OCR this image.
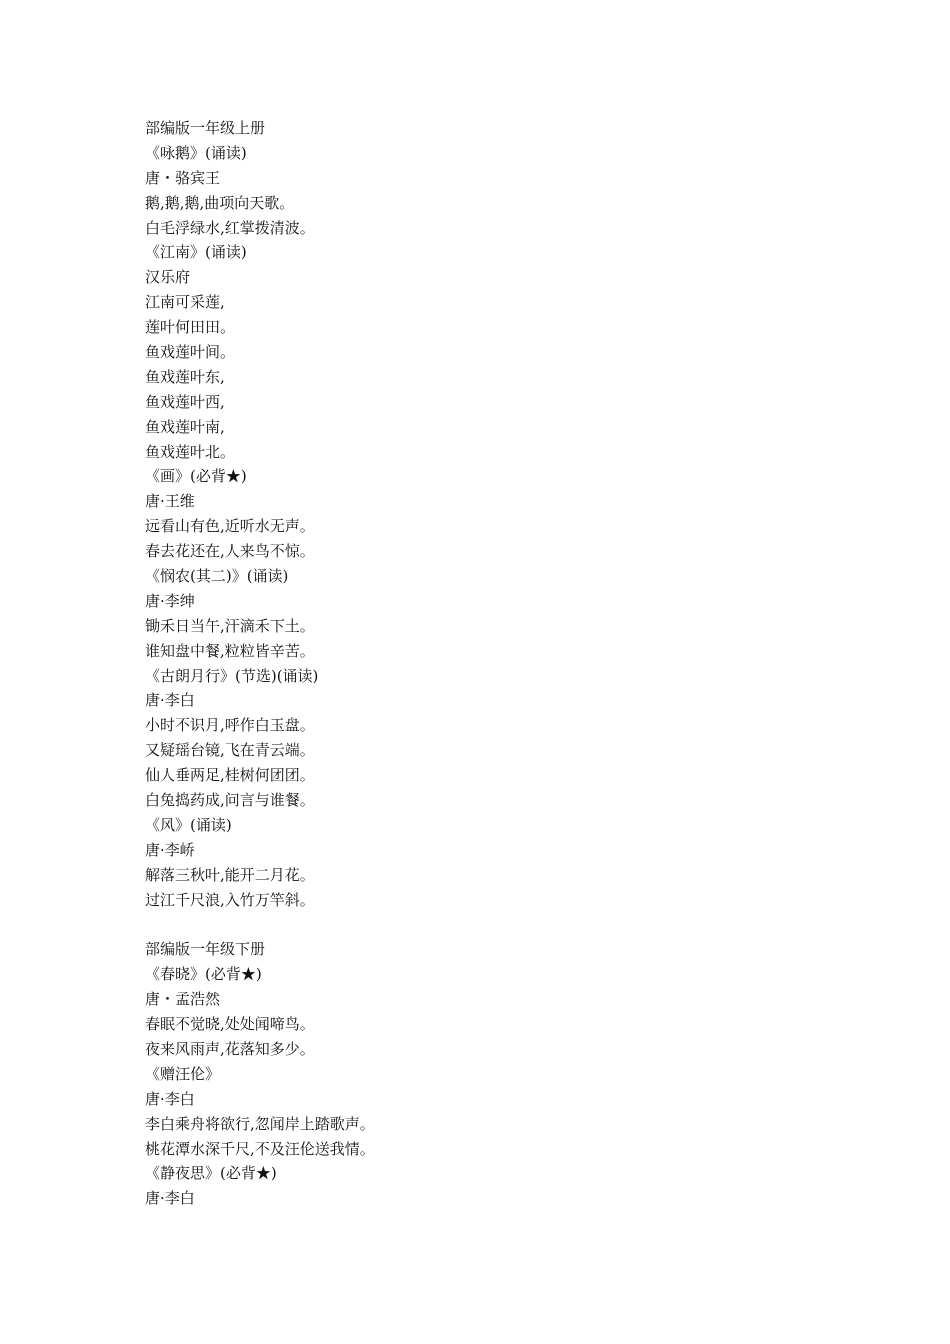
部编版一年级上册
《咏鹅》(诵读)
唐・骆宾王
鹅,鹅,鹅,曲项向天歌。
白毛浮绿水,红掌拨清波。
《江南》(诵读)
汉乐府
江南可采莲,
莲叶何田田。
鱼戏莲叶间。
鱼戏莲叶东,
鱼戏莲叶西,
鱼戏莲叶南,
鱼戏莲叶北。
《画》(必背★)
唐·王维
远看山有色,近听水无声。
春去花还在,人来鸟不惊。
《悯农(其二)》(诵读)
唐·李绅
锄禾日当午,汗滴禾下土。
谁知盘中餐,粒粒皆辛苦。
《古朗月行》(节选)(诵读)
唐·李白
小时不识月,呼作白玉盘。
又疑瑶台镜,飞在青云端。
仙人垂两足,桂树何团团。
白兔捣药成,问言与谁餐。
《风》(诵读)
唐·李峤
解落三秋叶,能开二月花。
过江千尺浪,入竹万竿斜。
部编版一年级下册
《春晓》(必背★)
唐・孟浩然
春眠不觉晓,处处闻啼鸟。
夜来风雨声,花落知多少。
《赠汪伦》
唐·李白
李白乘舟将欲行,忽闻岸上踏歌声。
桃花潭水深千尺,不及汪伦送我情。
《静夜思》(必背★)
唐·李白
